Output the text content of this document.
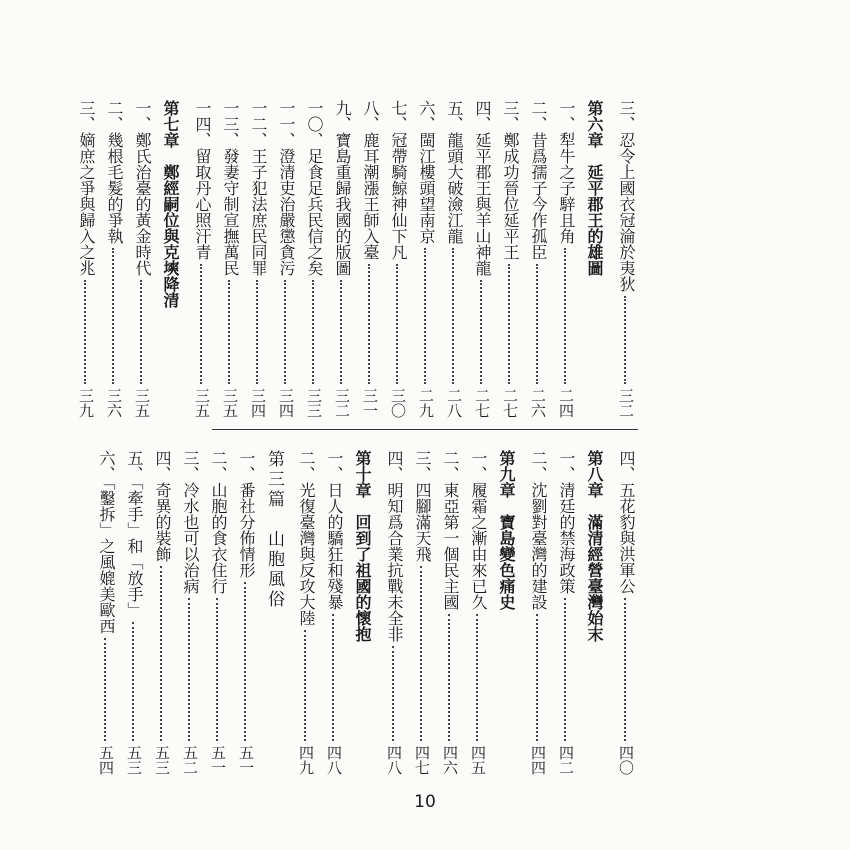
三、忍令上國衣冠淪於夷狄
三二
第六章　延平郡王的雄圖
一、犁牛之子騂且角
二四
二、昔爲孺子今作孤臣
二六
三、鄭成功晉位延平王
二七
四、延平郡王與羊山神龍
二七
五、龍頭大破澰江龍
二八
六、閩江樓頭望南京
二九
七、冠帶騎鯨神仙下凡
三〇
八、鹿耳潮漲王師入臺
三一
九、寶島重歸我國的版圖
三二
一〇、足食足兵民信之矣
三三
一一、澄清吏治嚴懲貪污
三四
一二、王子犯法庶民同罪
三四
一三、發妻守制宣撫萬民
三五
一四、留取丹心照汗青
三五
第七章　鄭經嗣位與克塽降清
一、鄭氏治臺的黃金時代
三五
二、幾根毛髮的爭執
三六
三、嫡庶之爭與歸入之兆
三九
四、五花豹與洪軍公
四〇
第八章　滿清經營臺灣始末
一、清廷的禁海政策
四二
二、沈劉對臺灣的建設
四四
第九章　寶島變色痛史
一、履霜之漸由來已久
四五
二、東亞第一個民主國
四六
三、四腳滿天飛
四七
四、明知爲合業抗戰未全非
四八
第十章　回到了祖國的懷抱
一、日人的驕狂和殘暴
四八
二、光復臺灣與反攻大陸
四九
第三篇　山胞風俗
一、番社分佈情形
五一
二、山胞的食衣住行
五一
三、冷水也可以治病
五二
四、奇異的裝飾
五三
五、「牽手」和「放手」
五三
六、「鑿拆」之風媲美歐西
五四
10
